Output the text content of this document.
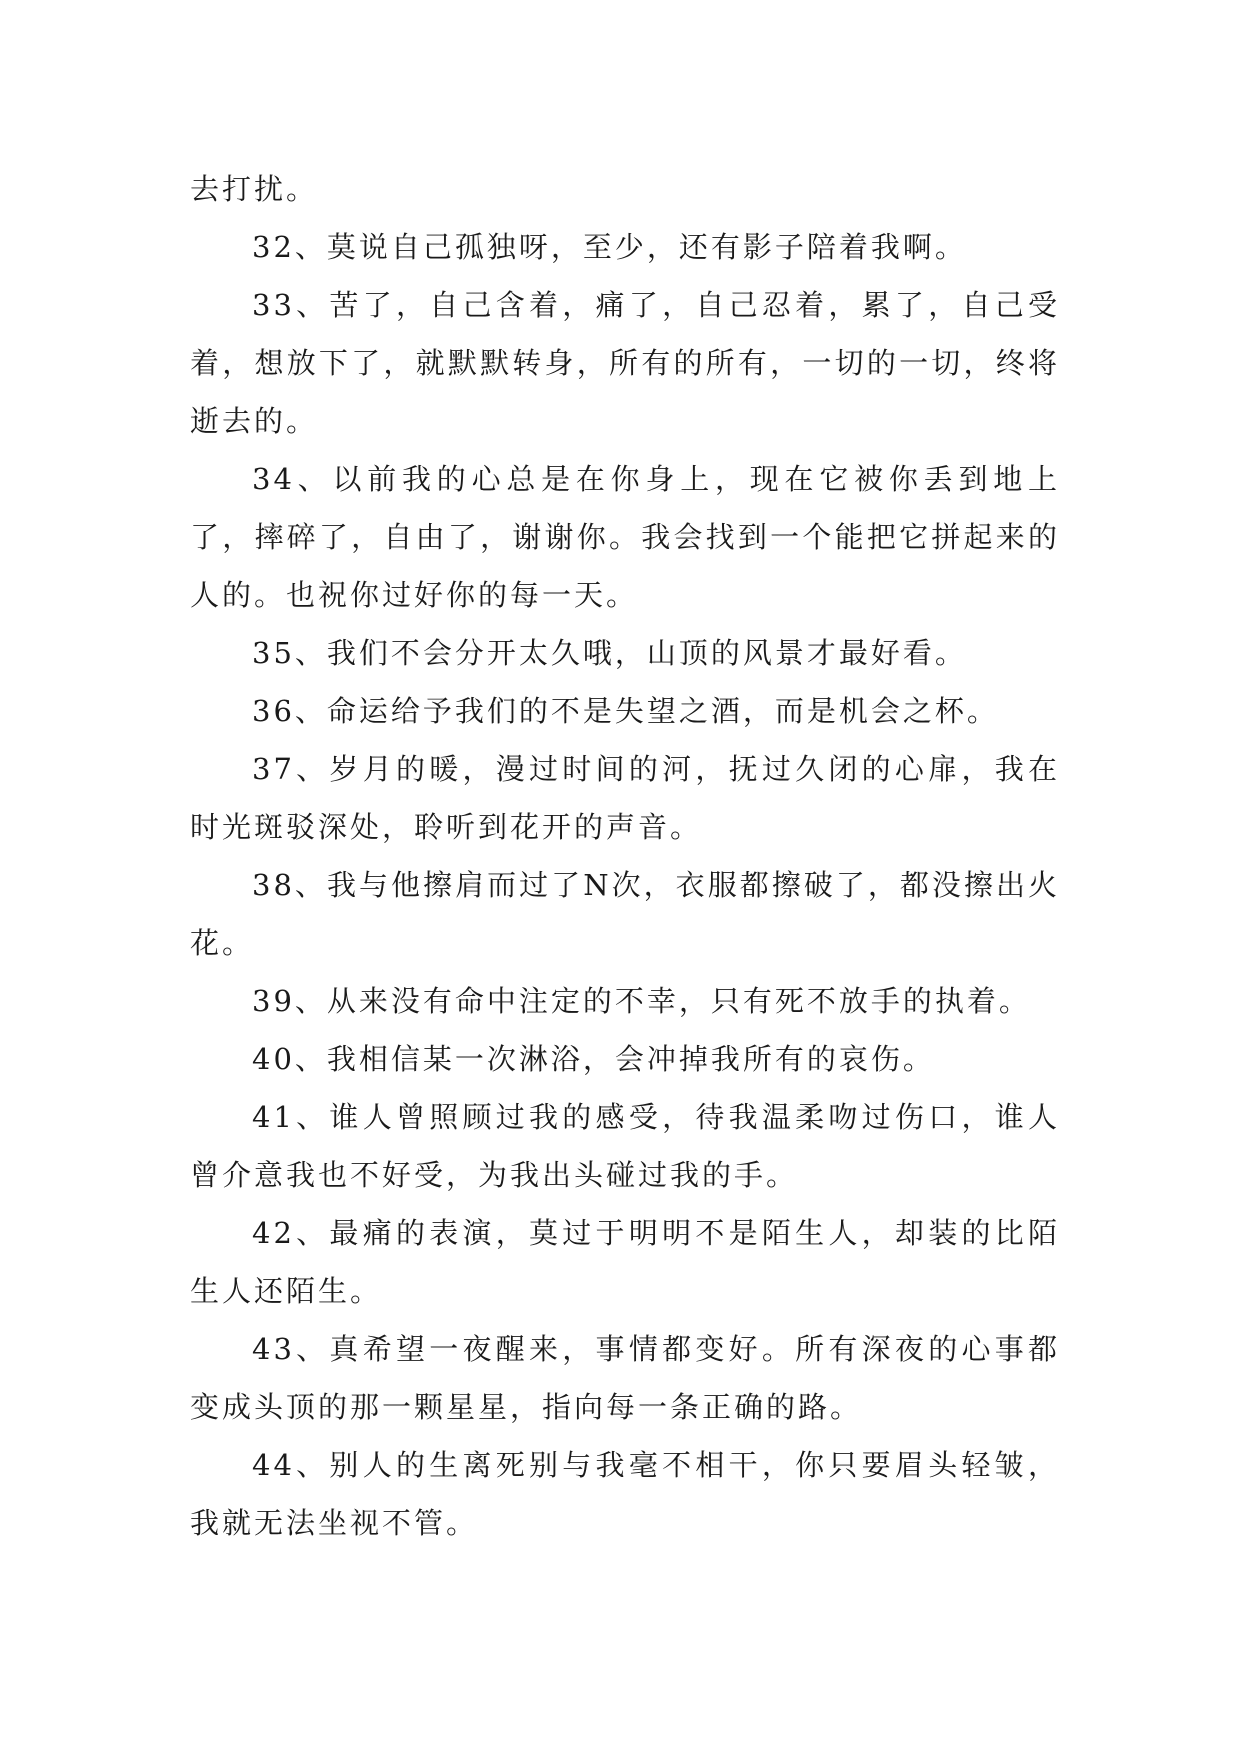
去打扰。

32、莫说自己孤独呀，至少，还有影子陪着我啊。

33、苦了，自己含着，痛了，自己忍着，累了，自己受着，想放下了，就默默转身，所有的所有，一切的一切，终将逝去的。

34、以前我的心总是在你身上，现在它被你丢到地上了，摔碎了，自由了，谢谢你。我会找到一个能把它拼起来的人的。也祝你过好你的每一天。

35、我们不会分开太久哦，山顶的风景才最好看。

36、命运给予我们的不是失望之酒，而是机会之杯。

37、岁月的暖，漫过时间的河，抚过久闭的心扉，我在时光斑驳深处，聆听到花开的声音。

38、我与他擦肩而过了N次，衣服都擦破了，都没擦出火花。

39、从来没有命中注定的不幸，只有死不放手的执着。

40、我相信某一次淋浴，会冲掉我所有的哀伤。

41、谁人曾照顾过我的感受，待我温柔吻过伤口，谁人曾介意我也不好受，为我出头碰过我的手。

42、最痛的表演，莫过于明明不是陌生人，却装的比陌生人还陌生。

43、真希望一夜醒来，事情都变好。所有深夜的心事都变成头顶的那一颗星星，指向每一条正确的路。

44、别人的生离死别与我毫不相干，你只要眉头轻皱，我就无法坐视不管。
